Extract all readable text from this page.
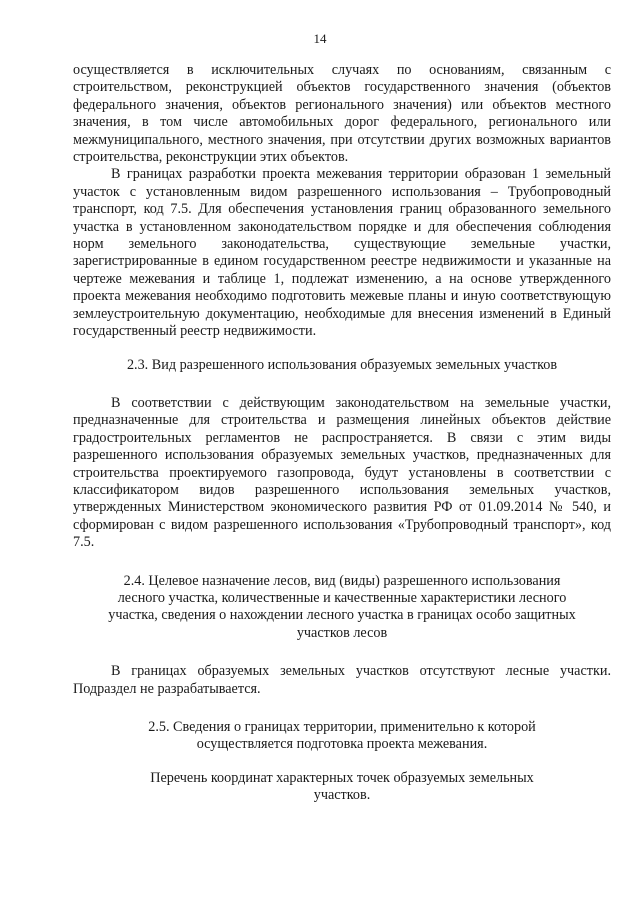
14

осуществляется в исключительных случаях по основаниям, связанным с строительством, реконструкцией объектов государственного значения (объектов федерального значения, объектов регионального значения) или объектов местного значения, в том числе автомобильных дорог федерального, регионального или межмуниципального, местного значения, при отсутствии других возможных вариантов строительства, реконструкции этих объектов.

В границах разработки проекта межевания территории образован 1 земельный участок с установленным видом разрешенного использования – Трубопроводный транспорт, код 7.5. Для обеспечения установления границ образованного земельного участка в установленном законодательством порядке и для обеспечения соблюдения норм земельного законодательства, существующие земельные участки, зарегистрированные в едином государственном реестре недвижимости и указанные на чертеже межевания и таблице 1, подлежат изменению, а на основе утвержденного проекта межевания необходимо подготовить межевые планы и иную соответствующую землеустроительную документацию, необходимые для внесения изменений в Единый государственный реестр недвижимости.

2.3. Вид разрешенного использования образуемых земельных участков

В соответствии с действующим законодательством на земельные участки, предназначенные для строительства и размещения линейных объектов действие градостроительных регламентов не распространяется. В связи с этим виды разрешенного использования образуемых земельных участков, предназначенных для строительства проектируемого газопровода, будут установлены в соответствии с классификатором видов разрешенного использования земельных участков, утвержденных Министерством экономического развития РФ от 01.09.2014 № 540, и сформирован с видом разрешенного использования «Трубопроводный транспорт», код 7.5.

2.4. Целевое назначение лесов, вид (виды) разрешенного использования лесного участка, количественные и качественные характеристики лесного участка, сведения о нахождении лесного участка в границах особо защитных участков лесов

В границах образуемых земельных участков отсутствуют лесные участки. Подраздел не разрабатывается.

2.5. Сведения о границах территории, применительно к которой осуществляется подготовка проекта межевания.

Перечень координат характерных точек образуемых земельных участков.
